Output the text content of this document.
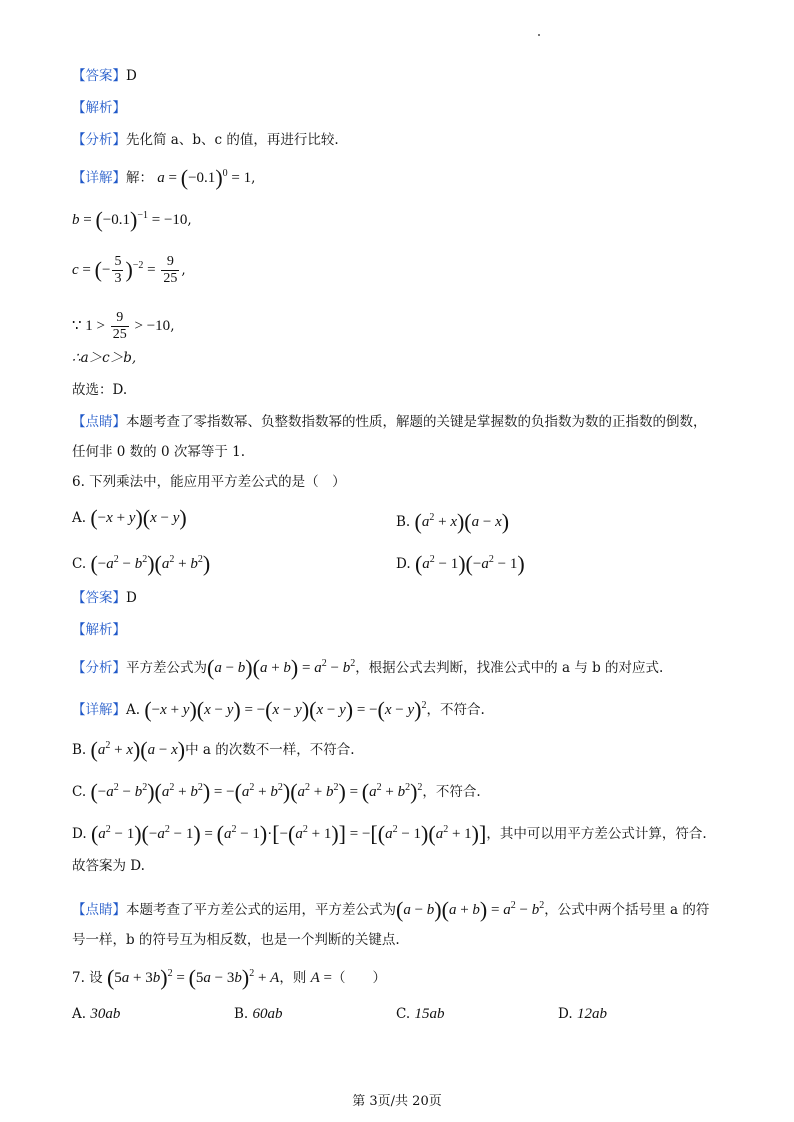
【答案】D
【解析】
【分析】先化简 a、b、c 的值，再进行比较.
【详解】解： $a = (-0.1)^0 = 1$,
$b = (-0.1)^{-1} = -10$,
c = (− $\frac{5}{3} )^{-2} = \frac{9}{25}$ ,
∵ $1 > \frac{9}{25} > -10$,
∴a＞c＞b,
故选：D.
【点睛】本题考查了零指数幂、负整数指数幂的性质，解题的关键是掌握数的负指数为数的正指数的倒数，
任何非 0 数的 0 次幂等于 1.
6. 下列乘法中，能应用平方差公式的是（　）
A. (−x + y)(x − y)	B. $(a^2 + x)(a - x)$
C. $(-a^2 - b^2)(a^2 + b^2)$	D. $(a^2 - 1)(-a^2 - 1)$
【答案】D
【解析】
【分析】平方差公式为$(a - b)(a + b) = a^2 - b^2$，根据公式去判断，找准公式中的 a 与 b 的对应式.
【详解】A. $(-x + y)(x - y) = -(x - y)(x - y) = -(x - y)^2$，不符合.
B. $(a^2 + x)(a - x)$中 a 的次数不一样，不符合.
C. $(-a^2 - b^2)(a^2 + b^2) = -(a^2 + b^2)(a^2 + b^2) = (a^2 + b^2)^2$，不符合.
D. $(a^2 - 1)(-a^2 - 1) = (a^2 - 1)\cdot[-(a^2 + 1)] = -[(a^2 - 1)(a^2 + 1)]$，其中可以用平方差公式计算，符合.
故答案为 D.
【点睛】本题考查了平方差公式的运用，平方差公式为$(a - b)(a + b) = a^2 - b^2$，公式中两个括号里 a 的符
号一样，b 的符号互为相反数，也是一个判断的关键点.
7. 设 $(5a + 3b)^2 = (5a - 3b)^2 + A$，则 A =（　　）
A. 30ab	B. 60ab	C. 15ab	D. 12ab
第 3页/共 20页
